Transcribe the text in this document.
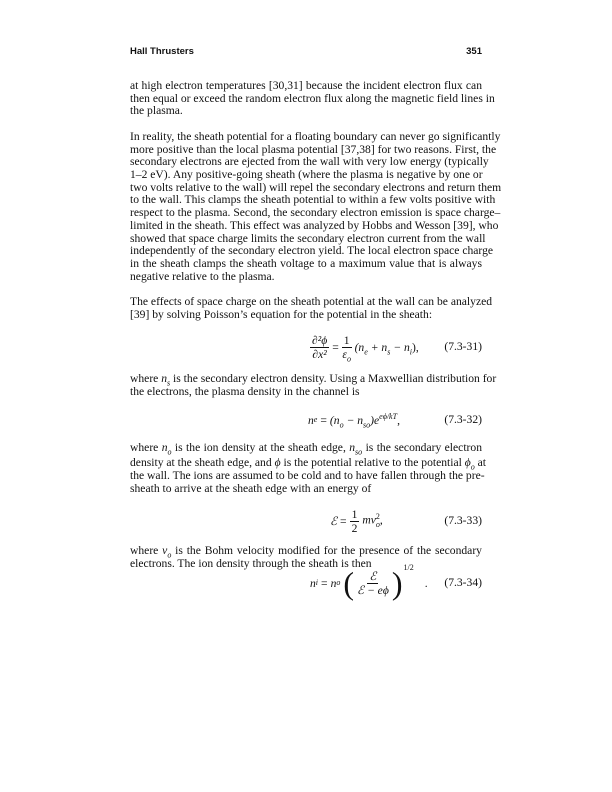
Hall Thrusters	351
at high electron temperatures [30,31] because the incident electron flux can
then equal or exceed the random electron flux along the magnetic field lines in
the plasma.
In reality, the sheath potential for a floating boundary can never go significantly
more positive than the local plasma potential [37,38] for two reasons. First, the
secondary electrons are ejected from the wall with very low energy (typically
1–2 eV). Any positive-going sheath (where the plasma is negative by one or
two volts relative to the wall) will repel the secondary electrons and return them
to the wall. This clamps the sheath potential to within a few volts positive with
respect to the plasma. Second, the secondary electron emission is space charge–
limited in the sheath. This effect was analyzed by Hobbs and Wesson [39], who
showed that space charge limits the secondary electron current from the wall
independently of the secondary electron yield. The local electron space charge
in the sheath clamps the sheath voltage to a maximum value that is always
negative relative to the plasma.
The effects of space charge on the sheath potential at the wall can be analyzed
[39] by solving Poisson’s equation for the potential in the sheath:
$\frac{\text{∂²ϕ}}{\text{∂x²}} = \frac{1}{\varepsilon_o} (n_e + n_s - n_i)$, (7.3-31)
where $n_s$ is the secondary electron density. Using a Maxwellian distribution for
the electrons, the plasma density in the channel is
n $e = (n_o - n_{so})e^{e\phi/kT}$,	(7.3-32)
where $n_o$ is the ion density at the sheath edge, $n_{so}$ is the secondary electron
density at the sheath edge, and ϕ is the potential relative to the potential $\phi_o$ at
the wall. The ions are assumed to be cold and to have fallen through the pre-
sheath to arrive at the sheath edge with an energy of
ℰ = $\frac{1}{2}$ mv 2
o ,	(7.3-33)
where $v_o$ is the Bohm velocity modified for the presence of the secondary
electrons. The ion density through the sheath is then
n i = n o ( $\frac{\text{ℰ}}{\text{ℰ − eϕ}}$ ) 1/2
. (7.3-34)
